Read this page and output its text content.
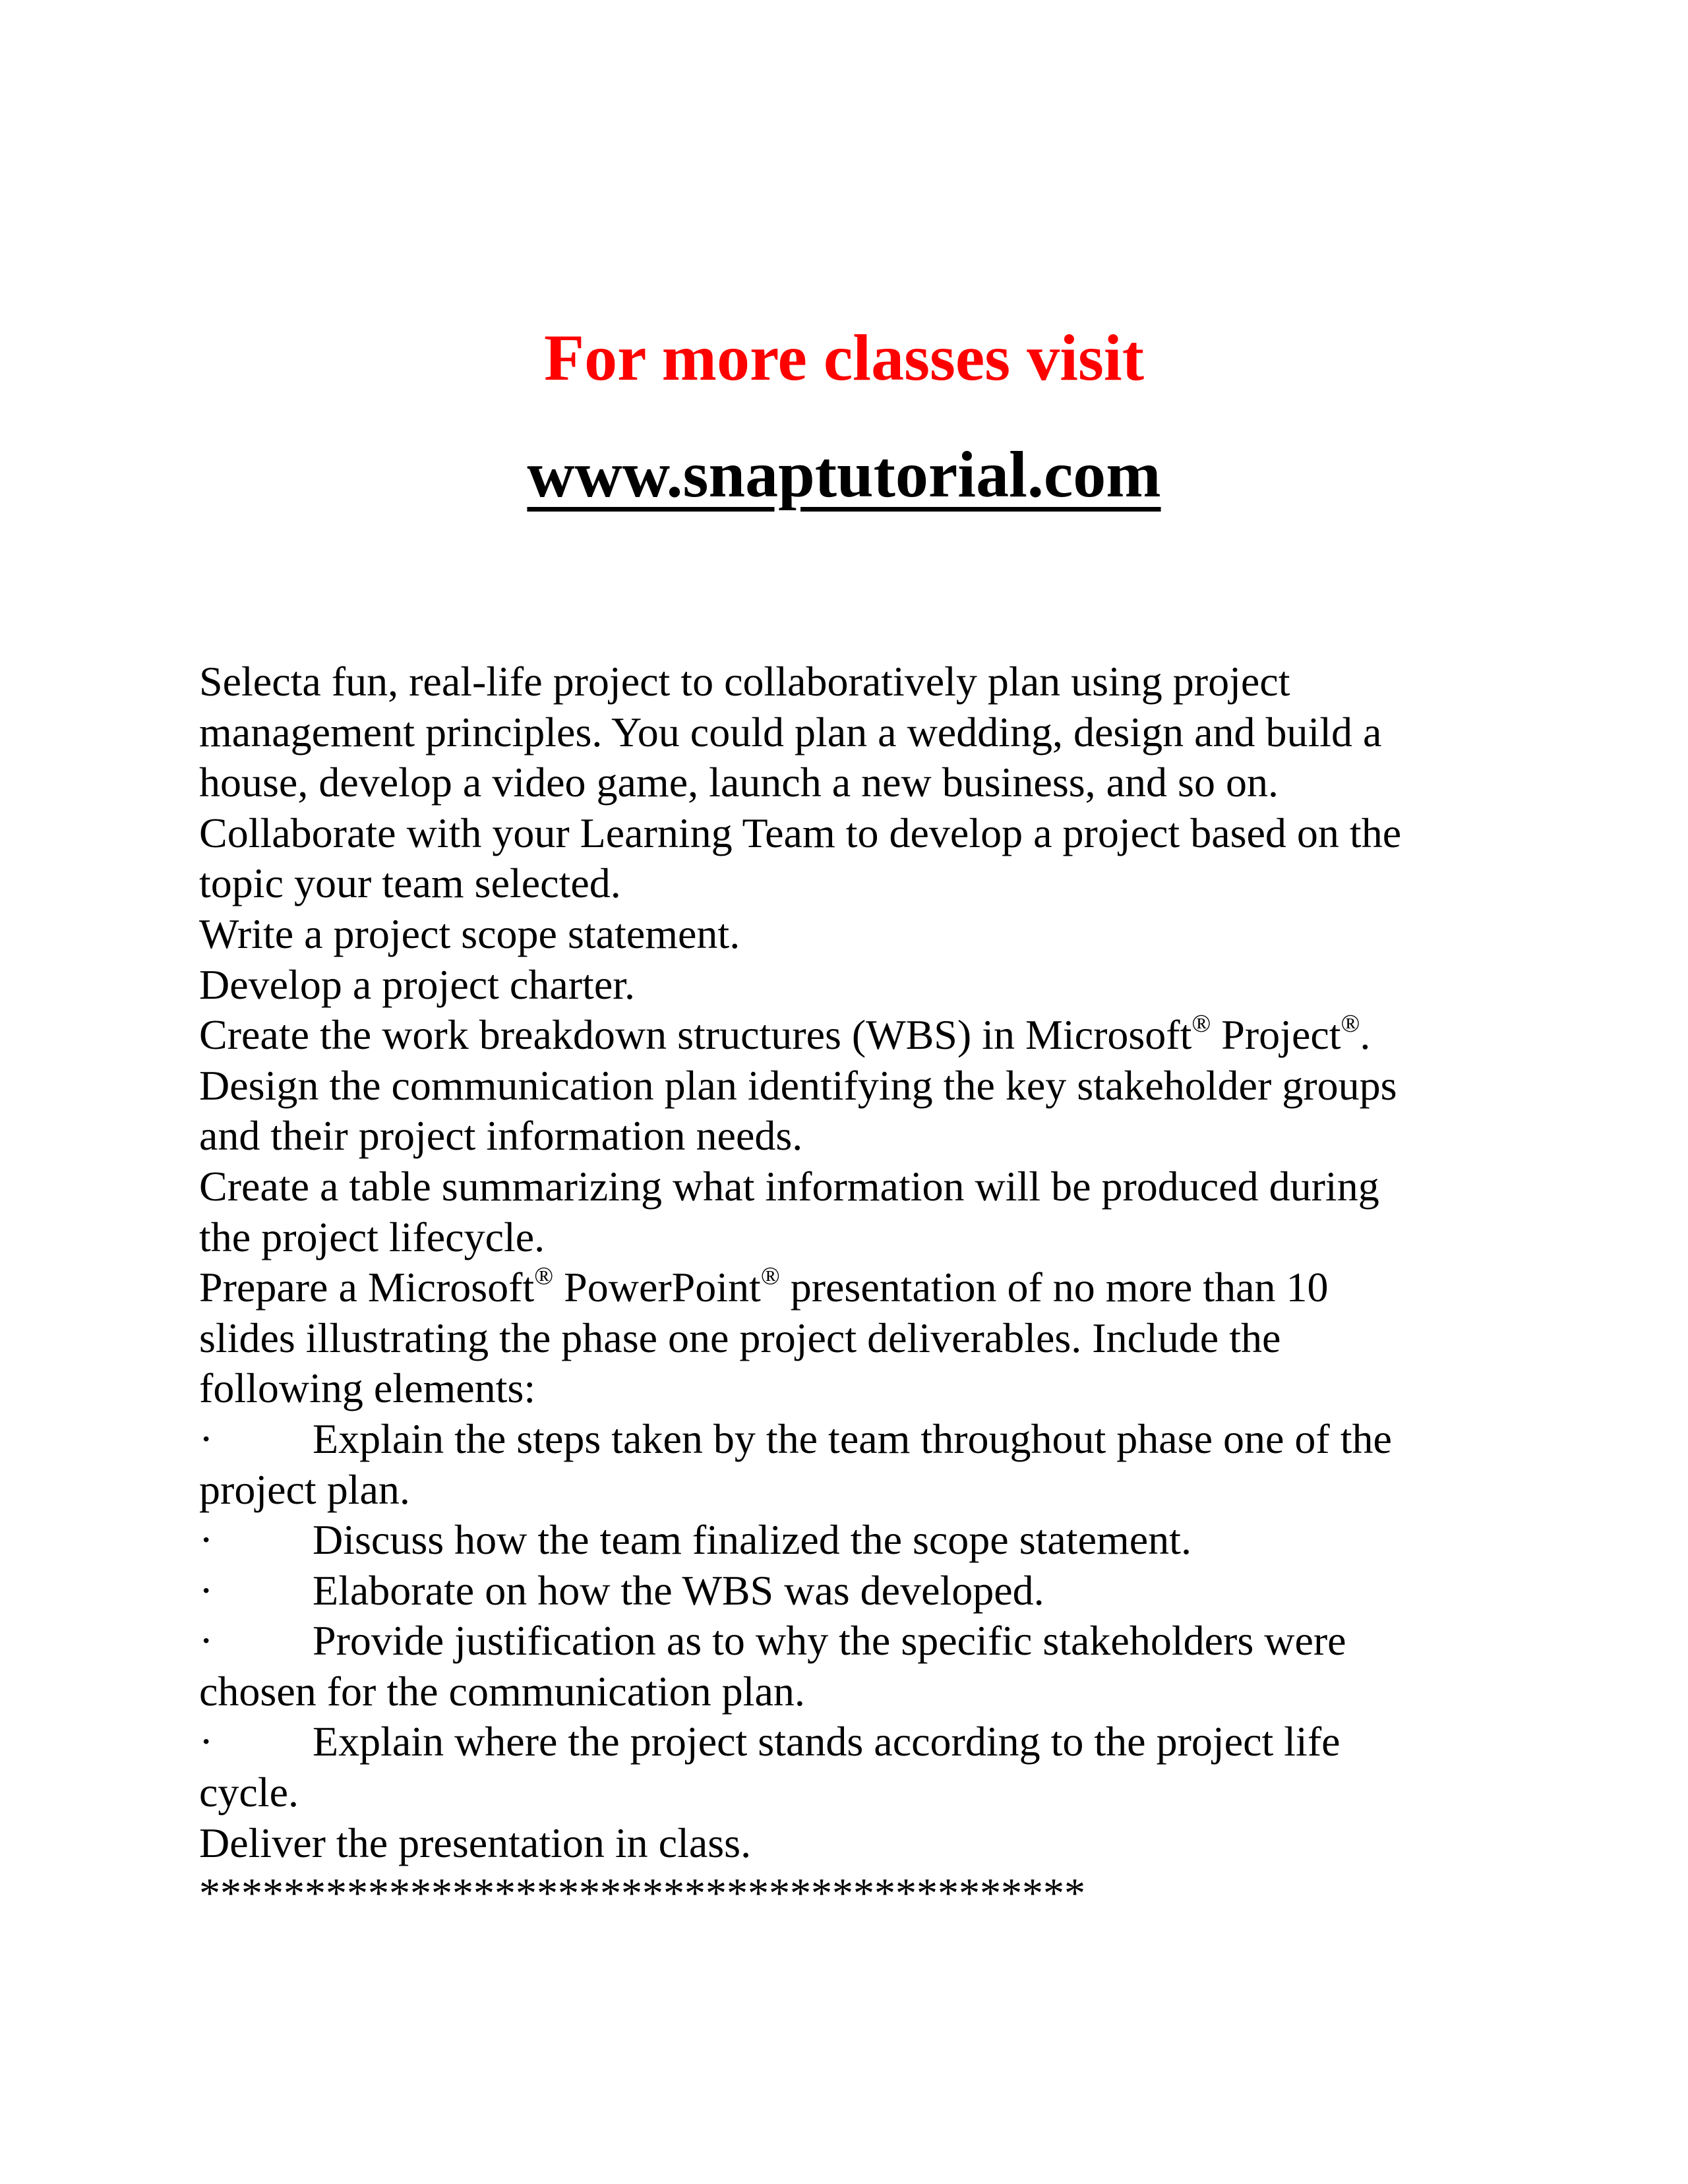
For more classes visit
www.snaptutorial.com
Selecta fun, real-life project to collaboratively plan using project
management principles. You could plan a wedding, design and build a
house, develop a video game, launch a new business, and so on.
Collaborate with your Learning Team to develop a project based on the
topic your team selected.
Write a project scope statement.
Develop a project charter.
Create the work breakdown structures (WBS) in Microsoft® Project®.
Design the communication plan identifying the key stakeholder groups
and their project information needs.
Create a table summarizing what information will be produced during
the project lifecycle.
Prepare a Microsoft® PowerPoint® presentation of no more than 10
slides illustrating the phase one project deliverables. Include the
following elements:
· Explain the steps taken by the team throughout phase one of the
project plan.
· Discuss how the team finalized the scope statement.
· Elaborate on how the WBS was developed.
· Provide justification as to why the specific stakeholders were
chosen for the communication plan.
· Explain where the project stands according to the project life
cycle.
Deliver the presentation in class.
******************************************
